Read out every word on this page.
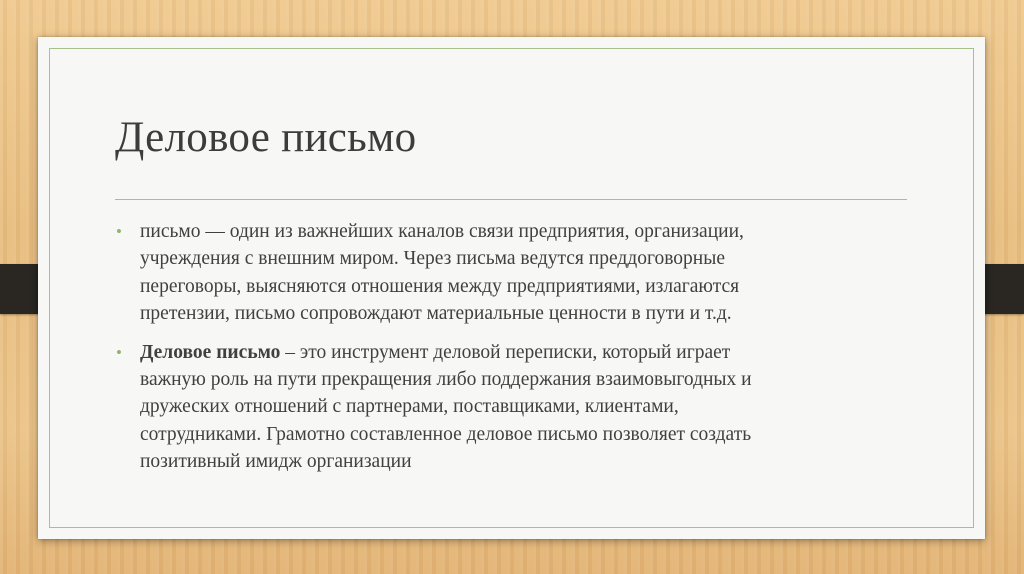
Деловое письмо
• письмо — один из важнейших каналов связи предприятия, организации,
учреждения с внешним миром. Через письма ведутся преддоговорные
переговоры, выясняются отношения между предприятиями, излагаются
претензии, письмо сопровождают материальные ценности в пути и т.д.
• Деловое письмо – это инструмент деловой переписки, который играет
важную роль на пути прекращения либо поддержания взаимовыгодных и
дружеских отношений с партнерами, поставщиками, клиентами,
сотрудниками. Грамотно составленное деловое письмо позволяет создать
позитивный имидж организации
